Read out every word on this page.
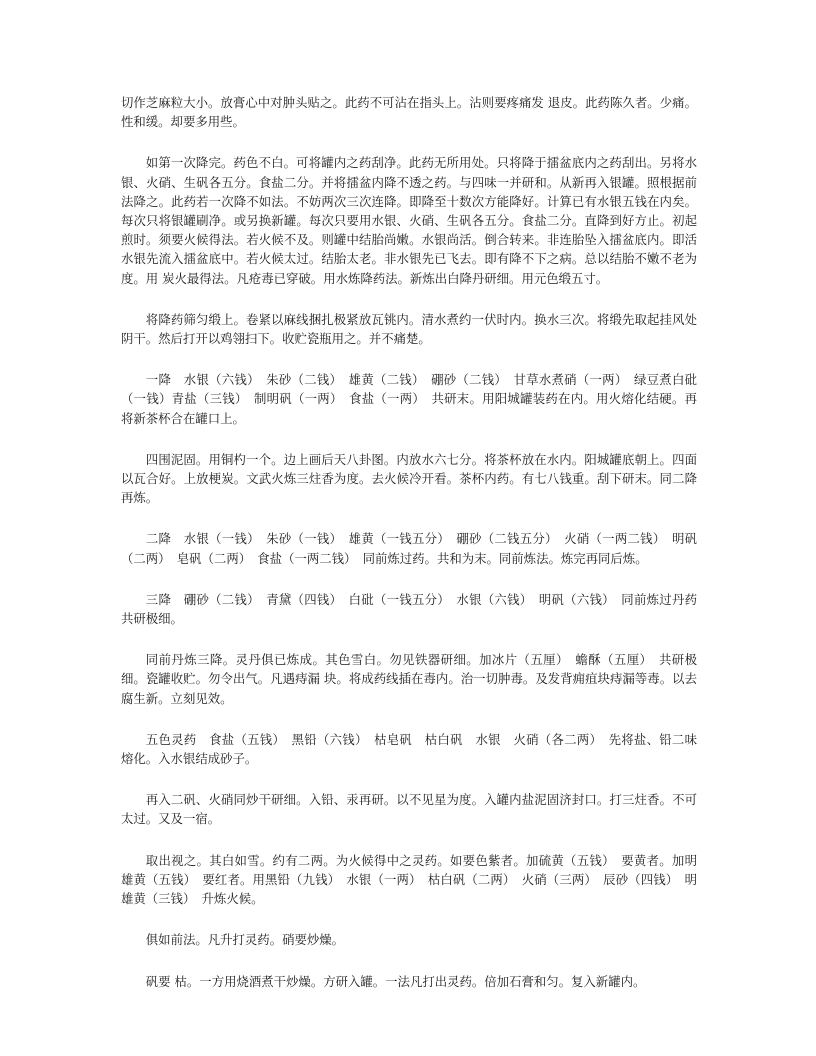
切作芝麻粒大小。放膏心中对肿头贴之。此药不可沾在指头上。沾则要疼痛发 退皮。此药陈久者。少痛。性和缓。却要多用些。

如第一次降完。药色不白。可将罐内之药刮净。此药无所用处。只将降于擂盆底内之药刮出。另将水银、火硝、生矾各五分。食盐二分。并将擂盆内降不透之药。与四味一并研和。从新再入银罐。照根据前法降之。此药若一次降不如法。不妨两次三次连降。即降至十数次方能降好。计算已有水银五钱在内矣。每次只将银罐刷净。或另换新罐。每次只要用水银、火硝、生矾各五分。食盐二分。直降到好方止。初起煎时。须要火候得法。若火候不及。则罐中结胎尚嫩。水银尚活。倒合转来。非连胎坠入擂盆底内。即活水银先流入擂盆底中。若火候太过。结胎太老。非水银先已飞去。即有降不下之病。总以结胎不嫩不老为度。用 炭火最得法。凡疮毒已穿破。用水炼降药法。新炼出白降丹研细。用元色缎五寸。

将降药筛匀缎上。卷紧以麻线捆扎极紧放瓦铫内。清水煮约一伏时内。换水三次。将缎先取起挂风处阴干。然后打开以鸡翎扫下。收贮瓷瓶用之。并不痛楚。

一降　水银（六钱）　朱砂（二钱）　雄黄（二钱）　硼砂（二钱）　甘草水煮硝（一两）　绿豆煮白砒（一钱）青盐（三钱）　制明矾（一两）　食盐（一两）　共研末。用阳城罐装药在内。用火熔化结硬。再将新茶杯合在罐口上。

四围泥固。用铜杓一个。边上画后天八卦图。内放水六七分。将茶杯放在水内。阳城罐底朝上。四面以瓦合好。上放梗炭。文武火炼三炷香为度。去火候冷开看。茶杯内药。有七八钱重。刮下研末。同二降再炼。

二降　水银（一钱）　朱砂（一钱）　雄黄（一钱五分）　硼砂（二钱五分）　火硝（一两二钱）　明矾（二两）　皂矾（二两）　食盐（一两二钱）　同前炼过药。共和为末。同前炼法。炼完再同后炼。

三降　硼砂（二钱）　青黛（四钱）　白砒（一钱五分）　水银（六钱）　明矾（六钱）　同前炼过丹药共研极细。

同前丹炼三降。灵丹俱已炼成。其色雪白。勿见铁器研细。加冰片（五厘）　蟾酥（五厘）　共研极细。瓷罐收贮。勿令出气。凡遇痔漏 块。将成药线插在毒内。治一切肿毒。及发背痈疽块痔漏等毒。以去腐生新。立刻见效。

五色灵药　食盐（五钱）　黑铅（六钱）　枯皂矾　枯白矾　水银　火硝（各二两）　先将盐、铅二味熔化。入水银结成砂子。

再入二矾、火硝同炒干研细。入铅、汞再研。以不见星为度。入罐内盐泥固济封口。打三炷香。不可太过。又及一宿。

取出视之。其白如雪。约有二两。为火候得中之灵药。如要色紫者。加硫黄（五钱）　要黄者。加明雄黄（五钱）　要红者。用黑铅（九钱）　水银（一两）　枯白矾（二两）　火硝（三两）　辰砂（四钱）　明雄黄（三钱）　升炼火候。

俱如前法。凡升打灵药。硝要炒燥。

矾要 枯。一方用烧酒煮干炒燥。方研入罐。一法凡打出灵药。倍加石膏和匀。复入新罐内。
